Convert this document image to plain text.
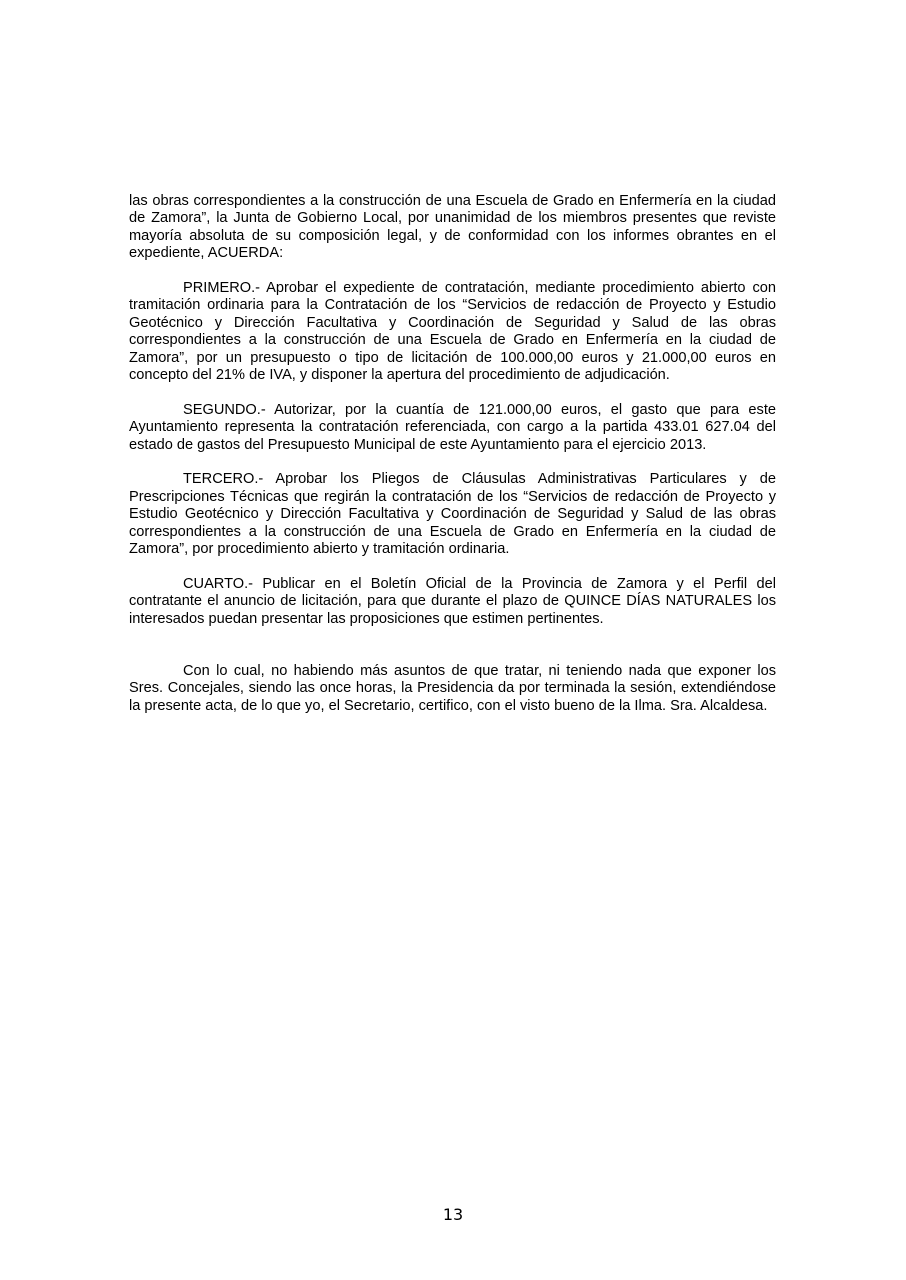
las obras correspondientes a la construcción de una Escuela de Grado en Enfermería en la ciudad de Zamora”, la Junta de Gobierno Local, por unanimidad de los miembros presentes que reviste mayoría absoluta de su composición legal, y de conformidad con los informes obrantes en el expediente, ACUERDA:

PRIMERO.- Aprobar el expediente de contratación, mediante procedimiento abierto con tramitación ordinaria para la Contratación de los “Servicios de redacción de Proyecto y Estudio Geotécnico y Dirección Facultativa y Coordinación de Seguridad y Salud de las obras correspondientes a la construcción de una Escuela de Grado en Enfermería en la ciudad de Zamora”, por un presupuesto o tipo de licitación de 100.000,00 euros y 21.000,00 euros en concepto del 21% de IVA, y disponer la apertura del procedimiento de adjudicación.

SEGUNDO.- Autorizar, por la cuantía de 121.000,00 euros, el gasto que para este Ayuntamiento representa la contratación referenciada, con cargo a la partida 433.01 627.04 del estado de gastos del Presupuesto Municipal de este Ayuntamiento para el ejercicio 2013.

TERCERO.- Aprobar los Pliegos de Cláusulas Administrativas Particulares y de Prescripciones Técnicas que regirán la contratación de los “Servicios de redacción de Proyecto y Estudio Geotécnico y Dirección Facultativa y Coordinación de Seguridad y Salud de las obras correspondientes a la construcción de una Escuela de Grado en Enfermería en la ciudad de Zamora”, por procedimiento abierto y tramitación ordinaria.

CUARTO.- Publicar en el Boletín Oficial de la Provincia de Zamora y el Perfil del contratante el anuncio de licitación, para que durante el plazo de QUINCE DÍAS NATURALES los interesados puedan presentar las proposiciones que estimen pertinentes.

Con lo cual, no habiendo más asuntos de que tratar, ni teniendo nada que exponer los Sres. Concejales, siendo las once horas, la Presidencia da por terminada la sesión, extendiéndose la presente acta, de lo que yo, el Secretario, certifico, con el visto bueno de la Ilma. Sra. Alcaldesa.

13
